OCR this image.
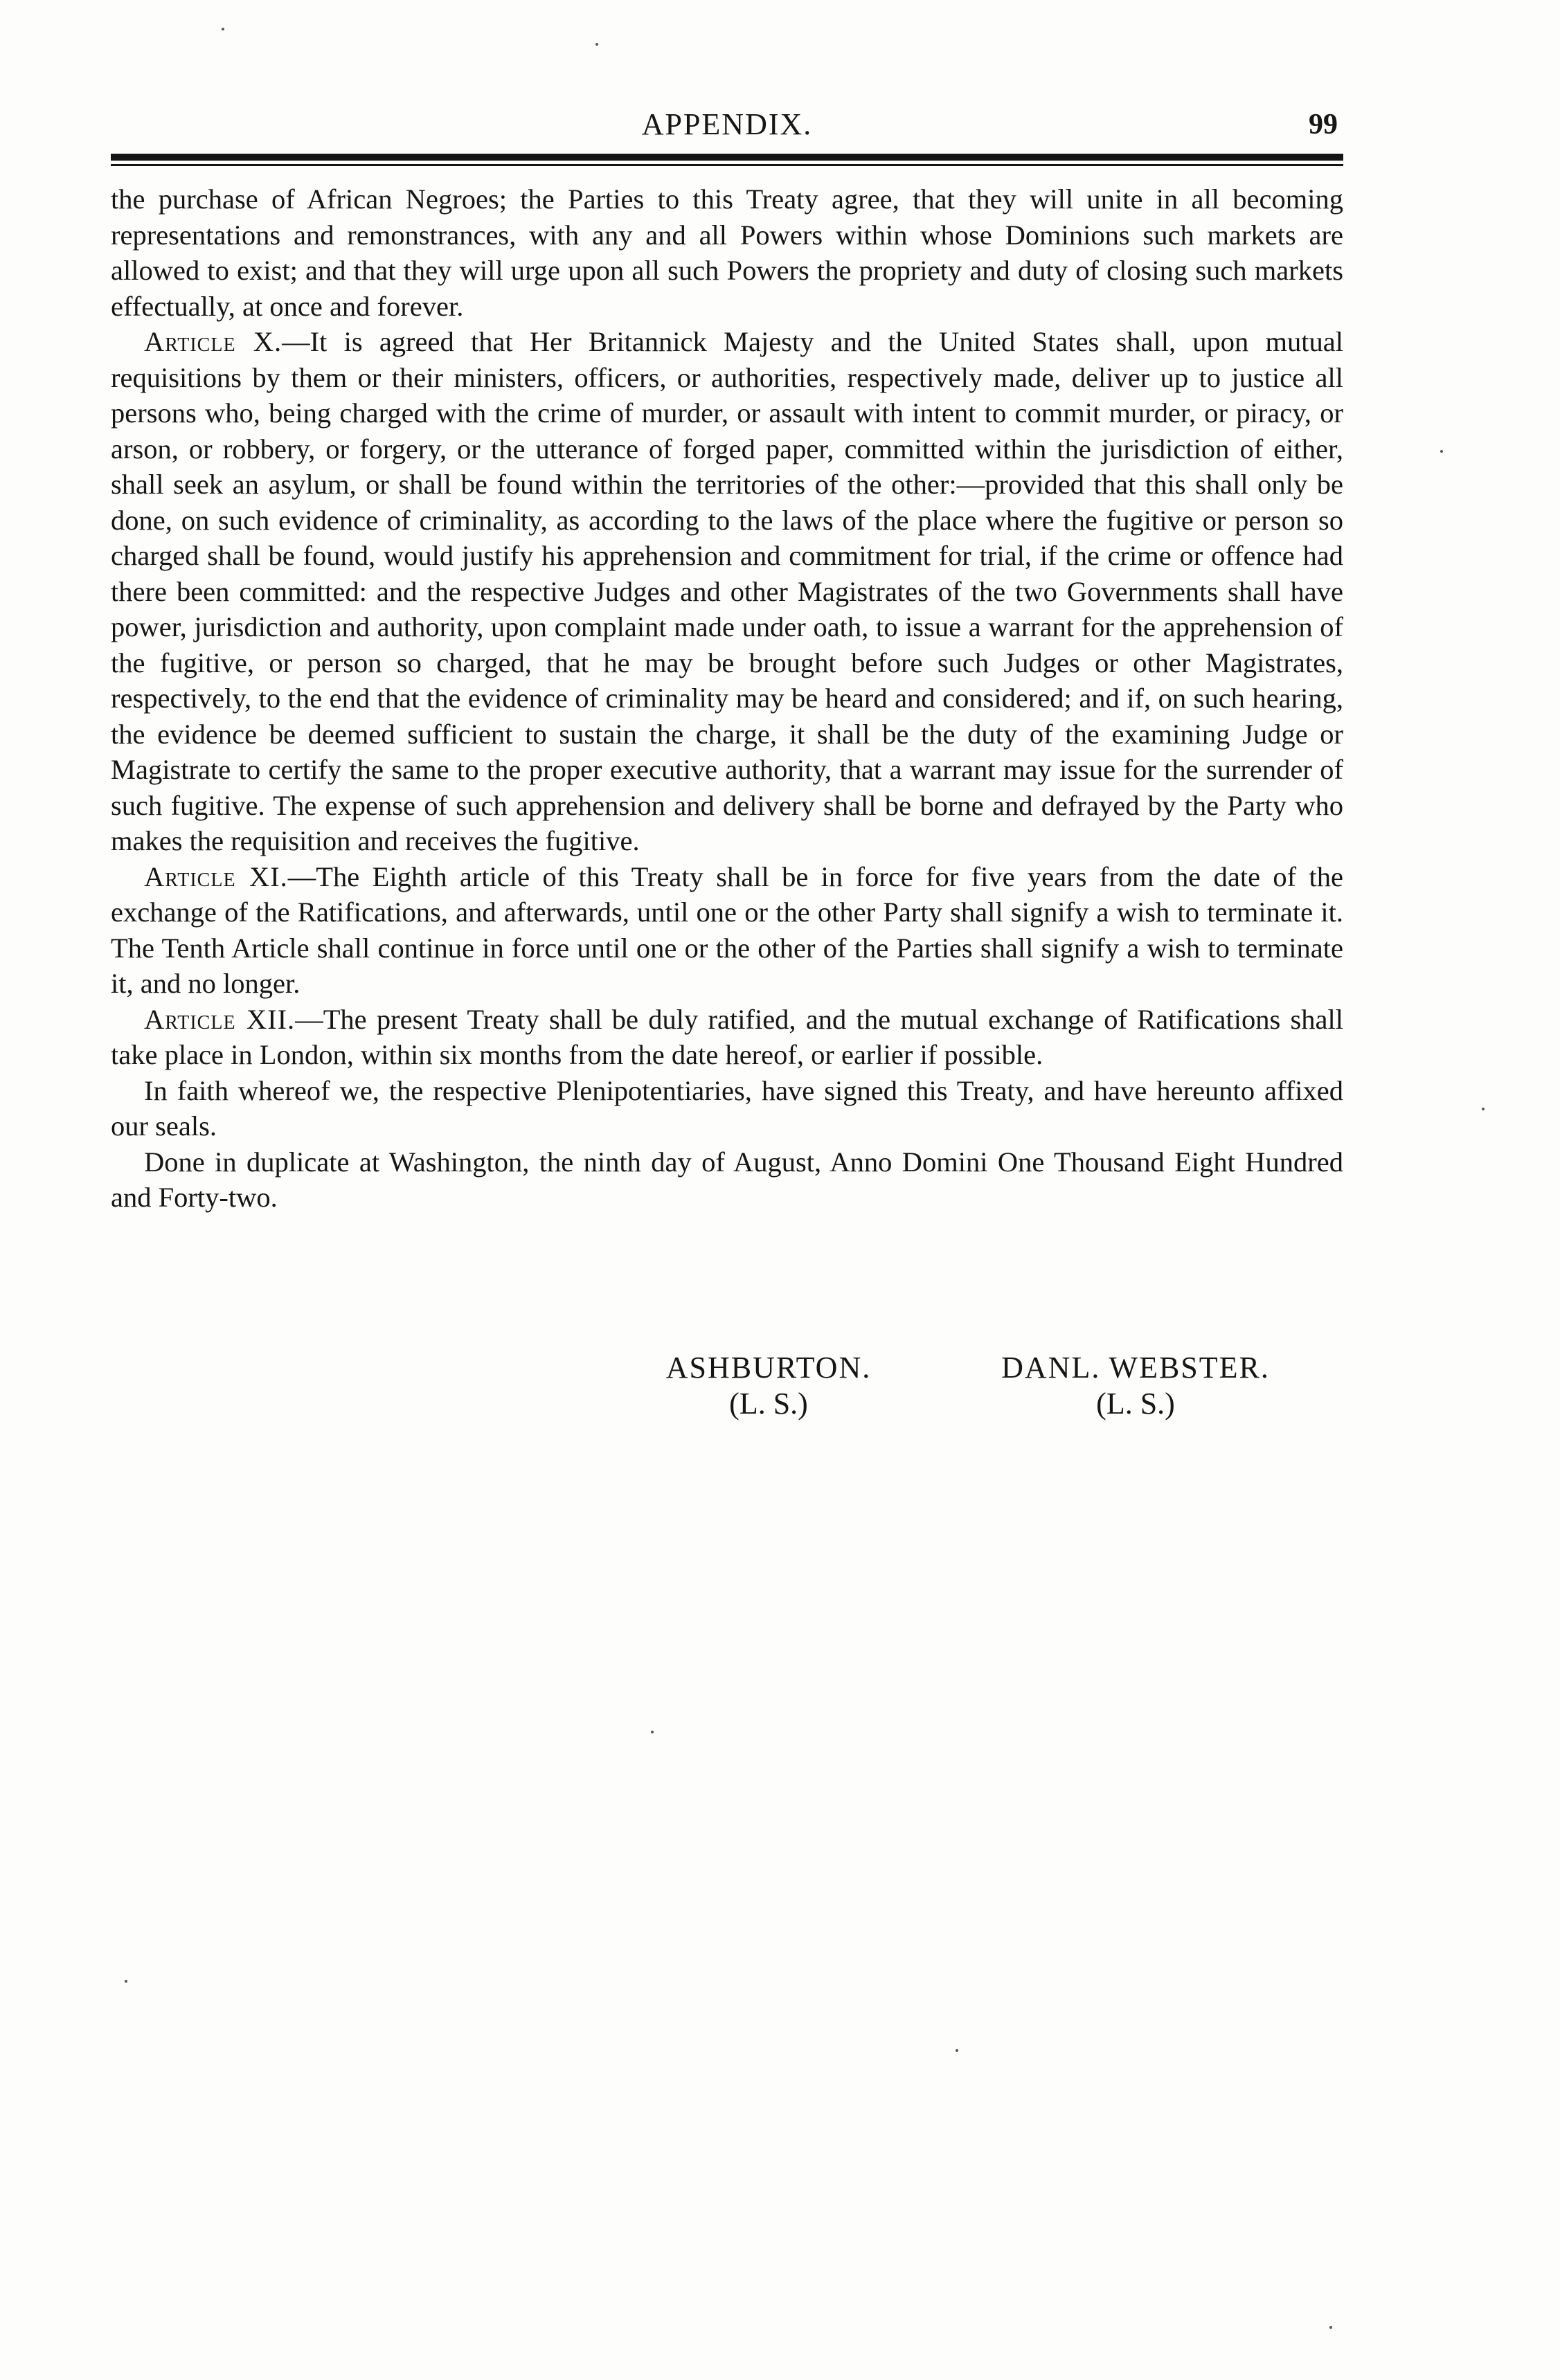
APPENDIX.	99

the purchase of African Negroes; the Parties to this Treaty agree, that they will unite in all becoming representations and remonstrances, with any and all Powers within whose Dominions such markets are allowed to exist; and that they will urge upon all such Powers the propriety and duty of closing such markets effectually, at once and forever.

Article X.—It is agreed that Her Britannick Majesty and the United States shall, upon mutual requisitions by them or their ministers, officers, or authorities, respectively made, deliver up to justice all persons who, being charged with the crime of murder, or assault with intent to commit murder, or piracy, or arson, or robbery, or forgery, or the utterance of forged paper, committed within the jurisdiction of either, shall seek an asylum, or shall be found within the territories of the other:—provided that this shall only be done, on such evidence of criminality, as according to the laws of the place where the fugitive or person so charged shall be found, would justify his apprehension and commitment for trial, if the crime or offence had there been committed: and the respective Judges and other Magistrates of the two Governments shall have power, jurisdiction and authority, upon complaint made under oath, to issue a warrant for the apprehension of the fugitive, or person so charged, that he may be brought before such Judges or other Magistrates, respectively, to the end that the evidence of criminality may be heard and considered; and if, on such hearing, the evidence be deemed sufficient to sustain the charge, it shall be the duty of the examining Judge or Magistrate to certify the same to the proper executive authority, that a warrant may issue for the surrender of such fugitive. The expense of such apprehension and delivery shall be borne and defrayed by the Party who makes the requisition and receives the fugitive.

Article XI.—The Eighth article of this Treaty shall be in force for five years from the date of the exchange of the Ratifications, and afterwards, until one or the other Party shall signify a wish to terminate it. The Tenth Article shall continue in force until one or the other of the Parties shall signify a wish to terminate it, and no longer.

Article XII.—The present Treaty shall be duly ratified, and the mutual exchange of Ratifications shall take place in London, within six months from the date hereof, or earlier if possible.

In faith whereof we, the respective Plenipotentiaries, have signed this Treaty, and have hereunto affixed our seals.

Done in duplicate at Washington, the ninth day of August, Anno Domini One Thousand Eight Hundred and Forty-two.

ASHBURTON.
(L. S.)
DANL. WEBSTER.
(L. S.)
